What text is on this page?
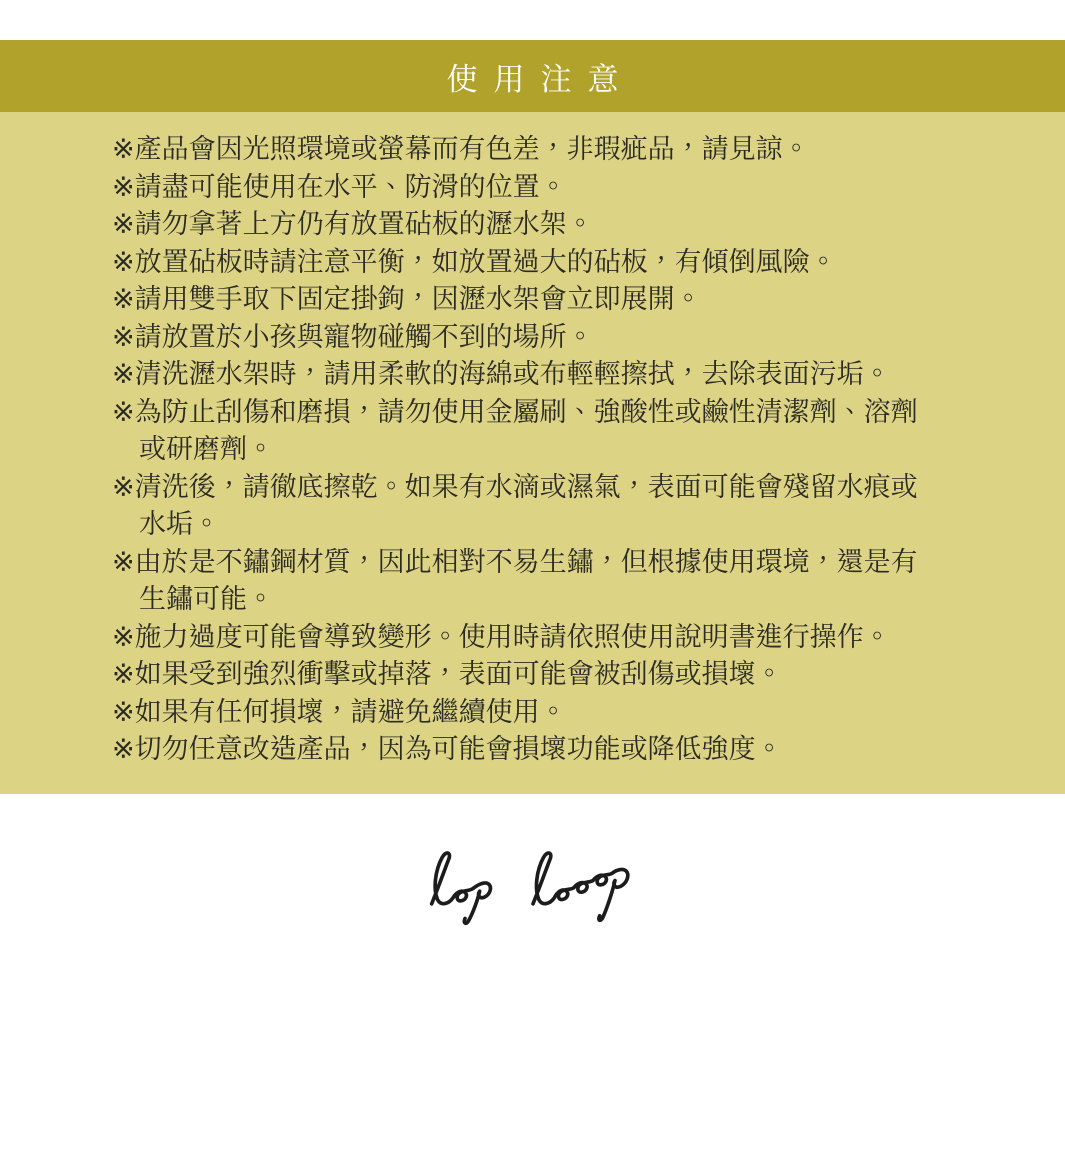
使用注意
※產品會因光照環境或螢幕而有色差，非瑕疵品，請見諒。
※請盡可能使用在水平、防滑的位置。
※請勿拿著上方仍有放置砧板的瀝水架。
※放置砧板時請注意平衡，如放置過大的砧板，有傾倒風險。
※請用雙手取下固定掛鉤，因瀝水架會立即展開。
※請放置於小孩與寵物碰觸不到的場所。
※清洗瀝水架時，請用柔軟的海綿或布輕輕擦拭，去除表面污垢。
※為防止刮傷和磨損，請勿使用金屬刷、強酸性或鹼性清潔劑、溶劑
或研磨劑。
※清洗後，請徹底擦乾。如果有水滴或濕氣，表面可能會殘留水痕或
水垢。
※由於是不鏽鋼材質，因此相對不易生鏽，但根據使用環境，還是有
生鏽可能。
※施力過度可能會導致變形。使用時請依照使用說明書進行操作。
※如果受到強烈衝擊或掉落，表面可能會被刮傷或損壞。
※如果有任何損壞，請避免繼續使用。
※切勿任意改造產品，因為可能會損壞功能或降低強度。
